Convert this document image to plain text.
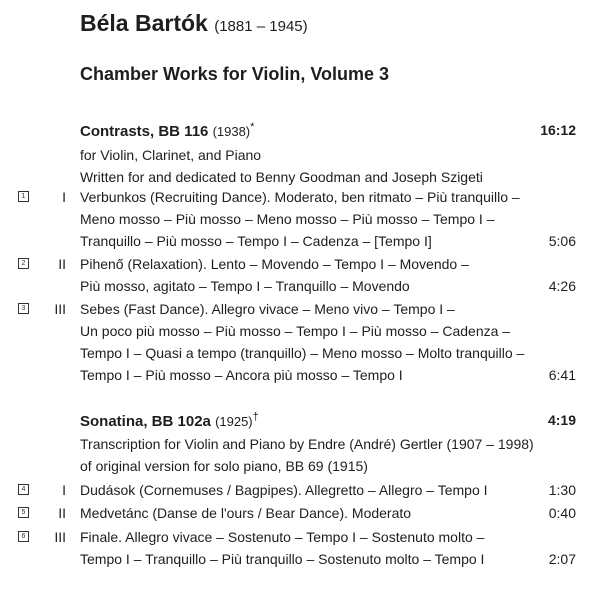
Béla Bartók (1881 – 1945)
Chamber Works for Violin, Volume 3
Contrasts, BB 116 (1938)*	16:12
for Violin, Clarinet, and Piano
Written for and dedicated to Benny Goodman and Joseph Szigeti
1	I Verbunkos (Recruiting Dance). Moderato, ben ritmato – Più tranquillo –
Meno mosso – Più mosso – Meno mosso – Più mosso – Tempo I –
Tranquillo – Più mosso – Tempo I – Cadenza – [Tempo I]	5:06
2	II Pihenő (Relaxation). Lento – Movendo – Tempo I – Movendo –
Più mosso, agitato – Tempo I – Tranquillo – Movendo	4:26
3	III Sebes (Fast Dance). Allegro vivace – Meno vivo – Tempo I –
Un poco più mosso – Più mosso – Tempo I – Più mosso – Cadenza –
Tempo I – Quasi a tempo (tranquillo) – Meno mosso – Molto tranquillo –
Tempo I – Più mosso – Ancora più mosso – Tempo I	6:41
Sonatina, BB 102a (1925)†	4:19
Transcription for Violin and Piano by Endre (André) Gertler (1907 – 1998)
of original version for solo piano, BB 69 (1915)
4	I Dudások (Cornemuses / Bagpipes). Allegretto – Allegro – Tempo I	1:30
5	II Medvetánc (Danse de l'ours / Bear Dance). Moderato	0:40
6	III Finale. Allegro vivace – Sostenuto – Tempo I – Sostenuto molto –
Tempo I – Tranquillo – Più tranquillo – Sostenuto molto – Tempo I	2:07
